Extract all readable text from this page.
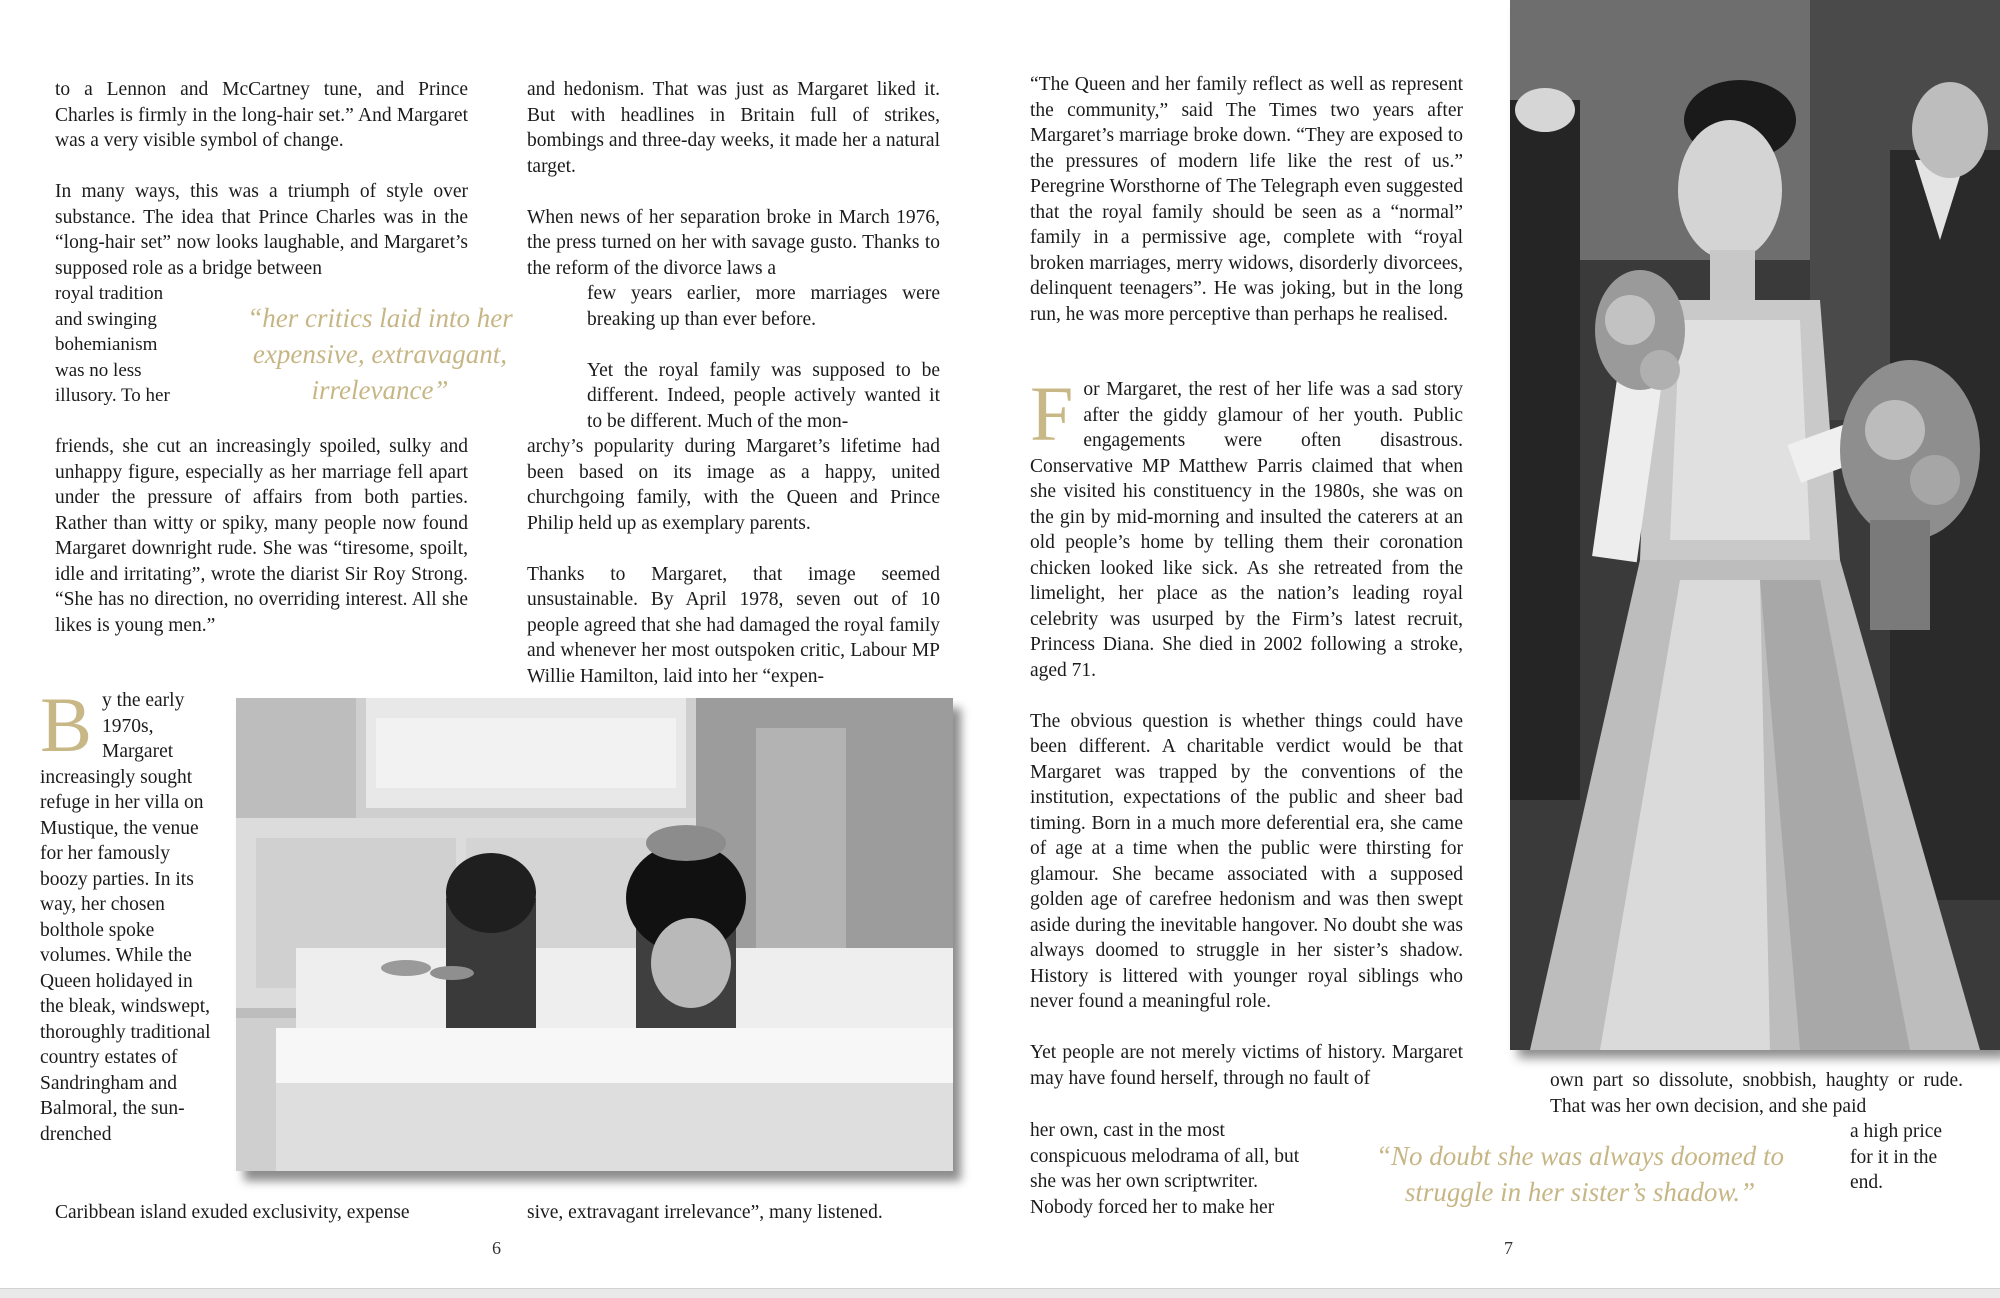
to a Lennon and McCartney tune, and Prince Charles is firmly in the long-hair set.” And Margaret was a very visible symbol of change.
In many ways, this was a triumph of style over substance. The idea that Prince Charles was in the “long-hair set” now looks laughable, and Margaret’s supposed role as a bridge between
royal tradition and swinging bohemianism was no less illusory. To her

“her critics laid into her expensive, extravagant, irrelevance”

friends, she cut an increasingly spoiled, sulky and unhappy figure, especially as her marriage fell apart under the pressure of affairs from both parties. Rather than witty or spiky, many people now found Margaret downright rude. She was “tiresome, spoilt, idle and irritating”, wrote the diarist Sir Roy Strong. “She has no direction, no overriding interest. All she likes is young men.”
B y the early 1970s, Margaret increasingly sought refuge in her villa on Mustique, the venue for her famously boozy parties. In its way, her chosen bolthole spoke volumes. While the Queen holidayed in the bleak, windswept, thoroughly traditional country estates of Sandringham and Balmoral, the sun-drenched
Caribbean island exuded exclusivity, expense
and hedonism. That was just as Margaret liked it. But with headlines in Britain full of strikes, bombings and three-day weeks, it made her a natural target.
When news of her separation broke in March 1976, the press turned on her with savage gusto. Thanks to the reform of the divorce laws a
few years earlier, more marriages were breaking up than ever before.
Yet the royal family was supposed to be different. Indeed, people actively wanted it to be different. Much of the mon-
archy’s popularity during Margaret’s lifetime had been based on its image as a happy, united churchgoing family, with the Queen and Prince Philip held up as exemplary parents.
Thanks to Margaret, that image seemed unsustainable. By April 1978, seven out of 10 people agreed that she had damaged the royal family and whenever her most outspoken critic, Labour MP Willie Hamilton, laid into her “expen-
sive, extravagant irrelevance”, many listened.
6
“The Queen and her family reflect as well as represent the community,” said The Times two years after Margaret’s marriage broke down. “They are exposed to the pressures of modern life like the rest of us.” Peregrine Worsthorne of The Telegraph even suggested that the royal family should be seen as a “normal” family in a permissive age, complete with “royal broken marriages, merry widows, disorderly divorcees, delinquent teenagers”. He was joking, but in the long run, he was more perceptive than perhaps he realised.
F or Margaret, the rest of her life was a sad story after the giddy glamour of her youth. Public engagements were often disastrous. Conservative MP Matthew Parris claimed that when she visited his constituency in the 1980s, she was on the gin by mid-morning and insulted the caterers at an old people’s home by telling them their coronation chicken looked like sick. As she retreated from the limelight, her place as the nation’s leading royal celebrity was usurped by the Firm’s latest recruit, Princess Diana. She died in 2002 following a stroke, aged 71.
The obvious question is whether things could have been different. A charitable verdict would be that Margaret was trapped by the conventions of the institution, expectations of the public and sheer bad timing. Born in a much more deferential era, she came of age at a time when the public were thirsting for glamour. She became associated with a supposed golden age of carefree hedonism and was then swept aside during the inevitable hangover. No doubt she was always doomed to struggle in her sister’s shadow. History is littered with younger royal siblings who never found a meaningful role.
Yet people are not merely victims of history. Margaret may have found herself, through no fault of
her own, cast in the most conspicuous melodrama of all, but she was her own scriptwriter. Nobody forced her to make her

“No doubt she was always doomed to struggle in her sister’s shadow.”

own part so dissolute, snobbish, haughty or rude. That was her own decision, and she paid
a high price for it in the end.
7
